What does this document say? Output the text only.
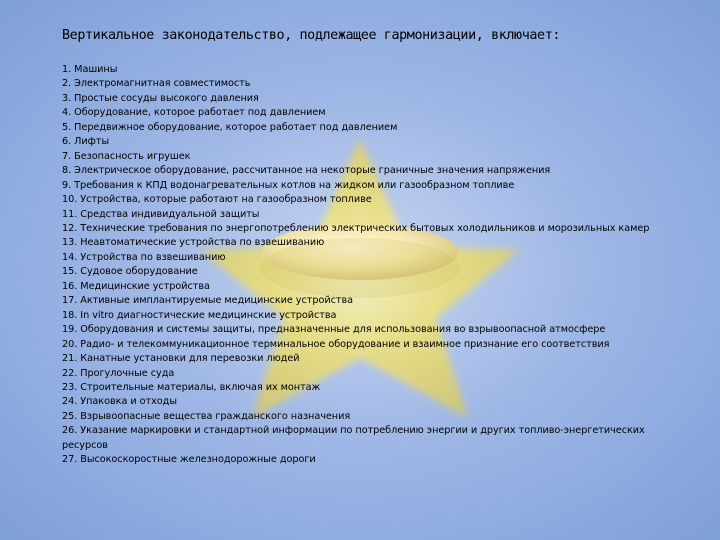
Вертикальное законодательство, подлежащее гармонизации, включает:
1. Машины
2. Электромагнитная совместимость
3. Простые сосуды высокого давления
4. Оборудование, которое работает под давлением
5. Передвижное оборудование, которое работает под давлением
6. Лифты
7. Безопасность игрушек
8. Электрическое оборудование, рассчитанное на некоторые граничные значения напряжения
9. Требования к КПД водонагревательных котлов на жидком или газообразном топливе
10. Устройства, которые работают на газообразном топливе
11. Средства индивидуальной защиты
12. Технические требования по энергопотреблению электрических бытовых холодильников и морозильных камер
13. Неавтоматические устройства по взвешиванию
14. Устройства по взвешиванию
15. Судовое оборудование
16. Медицинские устройства
17. Активные имплантируемые медицинские устройства
18. In vitro диагностические медицинские устройства
19. Оборудования и системы защиты, предназначенные для использования во взрывоопасной атмосфере
20. Радио- и телекоммуникационное терминальное оборудование и взаимное признание его соответствия
21. Канатные установки для перевозки людей
22. Прогулочные суда
23. Строительные материалы, включая их монтаж
24. Упаковка и отходы
25. Взрывоопасные вещества гражданского назначения
26. Указание маркировки и стандартной информации по потреблению энергии и других топливо-энергетических ресурсов
27. Высокоскоростные железнодорожные дороги
